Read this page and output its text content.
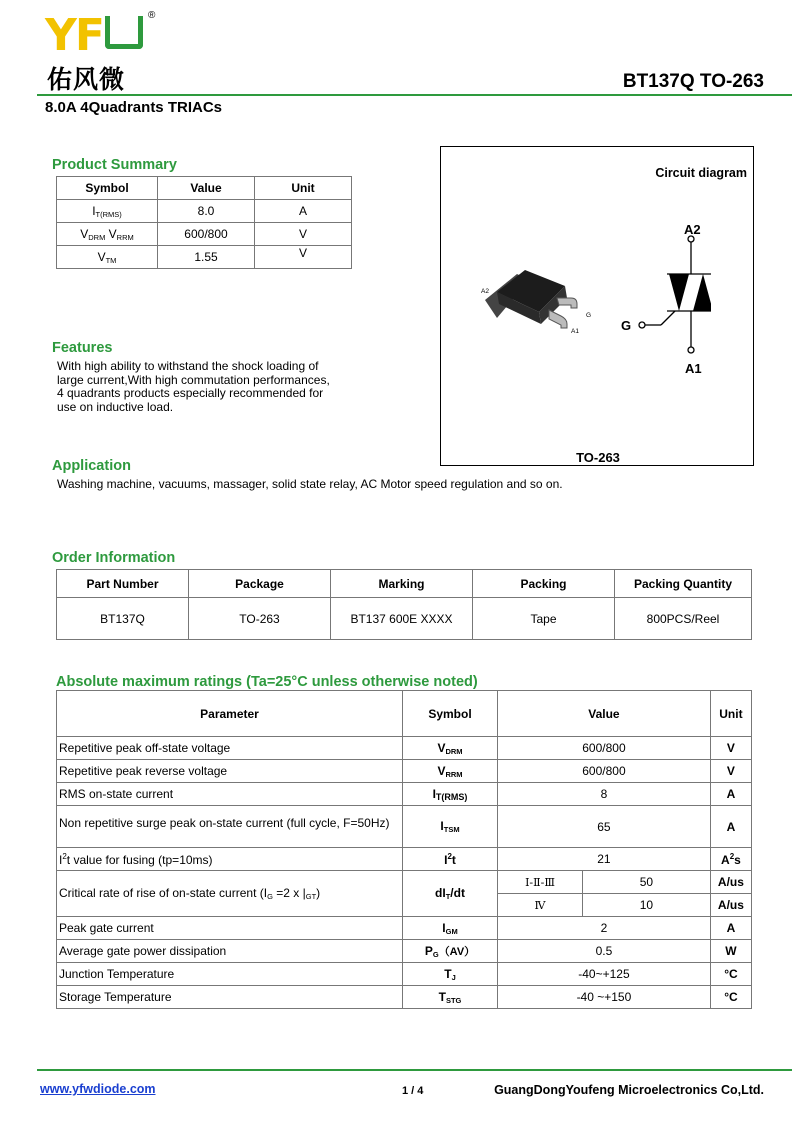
YF	®
佑风微	BT137Q TO-263
8.0A 4Quadrants TRIACs
Product Summary
Symbol	Value	Unit
$I_{T(RMS)}$	8.0	A
$V_{DRM}$ $V_{RRM}$	600/800	V
$V_{TM}$	1.55	V
Circuit diagram
A2
G
A1
A2
G
A1
TO-263
Features
With high ability to withstand the shock loading of
large current,With high commutation performances,
4 quadrants products especially recommended for
use on inductive load.
Application
Washing machine, vacuums, massager, solid state relay, AC Motor speed regulation and so on.
Order Information
Part Number	Package	Marking	Packing	Packing Quantity
BT137Q	TO-263	BT137 600E XXXX	Tape	800PCS/Reel
Absolute maximum ratings (Ta=25°C unless otherwise noted)
Parameter	Symbol	Value		Unit
Repetitive peak off-state voltage	$V_{DRM}$	600/800		V
Repetitive peak reverse voltage	$V_{RRM}$	600/800		V
RMS on-state current	IT(RMS)	8		A
Non repetitive surge peak on-state current (full cycle, F=50Hz)	$I_{TSM}$	65		A
$I^2t$ value for fusing (tp=10ms)	$I^2t$	21		$A^2s$
Critical rate of rise of on-state current ($I_G =2$ x $|_{GT}$)	$dI_T/dt$	Ⅰ-Ⅱ-Ⅲ	50	A/us
		Ⅳ	10	A/us
Peak gate current	$I_{GM}$	2		A
Average gate power dissipation	$P_G(AV)$	0.5		W
Junction Temperature	$T_J$	-40~+125		°C
Storage Temperature	$T_{STG}$	-40 ~+150		°C
www.yfwdiode.com	1 / 4	GuangDongYoufeng Microelectronics Co,Ltd.
